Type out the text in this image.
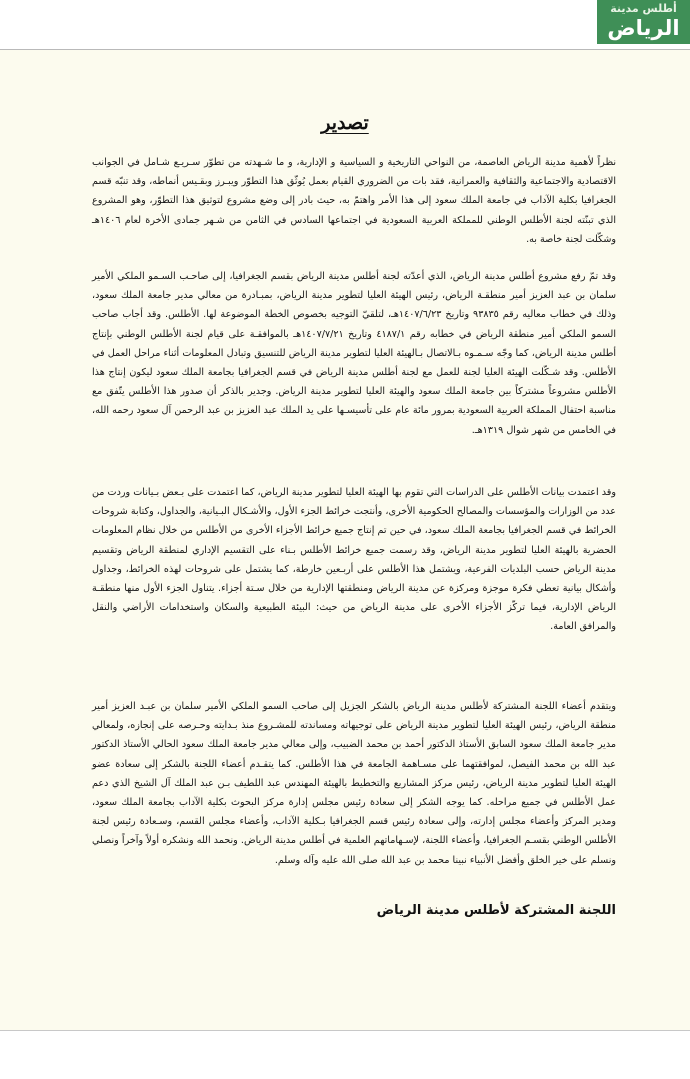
أطلس مدينة
الرياض
تصدير

نظراً لأهمية مدينة الرياض العاصمة، من النواحي التاريخية و السياسية و الإدارية، و ما شـهدته من تطوّر سـريـع شـامل في الجوانب الاقتصادية والاجتماعية والثقافية والعمرانية، فقد بات من الضروري القيام بعمل يُوثّق هذا التطوّر ويبـرز وبقـيس أنماطه، وقد تنبّه قسم الجغرافيا بكلية الآداب في جامعة الملك سعود إلى هذا الأمر واهتمّ به، حيث بادر إلى وضع مشروع لتوثيق هذا التطوّر، وهو المشروع الذي تبنّته لجنة الأطلس الوطني للمملكة العربية السعودية في اجتماعها السادس في الثامن من شـهر جمادى الأخرة لعام ١٤٠٦هـ وشكّلت لجنة خاصة به.

وقد تمّ رفع مشروع أطلس مدينة الرياض، الذي أعدّته لجنة أطلس مدينة الرياض بقسم الجغرافيا، إلى صاحـب السـمو الملكي الأمير سلمان بن عبد العزيز أمير منطقـة الرياض، رئيس الهيئة العليا لتطوير مدينة الرياض، بمبـادرة من معالي مدير جامعة الملك سعود، وذلك في خطاب معاليه رقم ٩٣٨٣٥ وتاريخ ١٤٠٧/٦/٢٣هـ، لتلقيّ التوجيه بخصوص الخطة الموضوعة لها. الأطلس. وقد أجاب صاحب السمو الملكي أمير منطقة الرياض في خطابه رقم ٤١٨٧/١ وتاريخ ١٤٠٧/٧/٢١هـ بالموافقـة على قيام لجنة الأطلس الوطني بإنتاج أطلس مدينة الرياض، كما وجّه سـمـوه بـالاتصال بـالهيئة العليا لتطوير مدينة الرياض للتنسيق وتبادل المعلومات أثناء مراحل العمل في الأطلس. وقد شـكّلت الهيئة العليا لجنة للعمل مع لجنة أطلس مدينة الرياض في قسم الجغرافيا بجامعة الملك سعود ليكون إنتاج هذا الأطلس مشروعاً مشتركاً بين جامعة الملك سعود والهيئة العليا لتطوير مدينة الرياض. وجدير بالذكر أن صدور هذا الأطلس يتّفق مع مناسبة احتفال المملكة العربية السعودية بمرور مائة عام على تأسيسـها على يد الملك عبد العزيز بن عبد الرحمن آل سعود رحمه الله، في الخامس من شهر شوال ١٣١٩هـ.

وقد اعتمدت بيانات الأطلس على الدراسات التي تقوم بها الهيئة العليا لتطوير مدينة الرياض، كما اعتمدت على بـعض بـيانات وردت من عدد من الوزارات والمؤسسات والمصالح الحكومية الأخرى، وأنتجت خرائط الجزء الأول، والأشـكال البـيانية، والجداول، وكتابة شروحات الخرائط في قسم الجغرافيا بجامعة الملك سعود، في حين تم إنتاج جميع خرائط الأجزاء الأخرى من الأطلس من خلال نظام المعلومات الحضرية بالهيئة العليا لتطوير مدينة الرياض، وقد رسمت جميع خرائط الأطلس بـناء على التقسيم الإداري لمنطقة الرياض وتقسيم مدينة الرياض حسب البلديات الفرعية، ويشتمل هذا الأطلس على أربـعين خارطة، كما يشتمل على شروحات لهذه الخرائط، وجداول وأشكال بيانية تعطي فكرة موجزة ومركزة عن مدينة الرياض ومنطقتها الإدارية من خلال سـتة أجزاء. يتناول الجزء الأول منها منطقـة الرياض الإدارية، فيما تركّز الأجزاء الأخرى على مدينة الرياض من حيث: البيئة الطبيعية والسكان واستخدامات الأراضي والنقل والمرافق العامة.

ويتقدم أعضاء اللجنة المشتركة لأطلس مدينة الرياض بالشكر الجزيل إلى صاحب السمو الملكي الأمير سلمان بن عبـد العزيز أمير منطقة الرياض، رئيس الهيئة العليا لتطوير مدينة الرياض على توجيهاته ومساندته للمشـروع منذ بـدايته وحـرصه على إنجازه، ولمعالي مدير جامعة الملك سعود السابق الأستاذ الدكتور أحمد بن محمد الضبيب، وإلى معالي مدير جامعة الملك سعود الحالي الأستاذ الدكتور عبد الله بن محمد الفيصل، لموافقتهما على مسـاهمة الجامعة في هذا الأطلس. كما يتقـدم أعضاء اللجنة بالشكر إلى سعادة عضو الهيئة العليا لتطوير مدينة الرياض، رئيس مركز المشاريع والتخطيط بالهيئة المهندس عبد اللطيف بـن عبد الملك آل الشيخ الذي دعم عمل الأطلس في جميع مراحله. كما يوجه الشكر إلى سعادة رئيس مجلس إدارة مركز البحوث بكلية الآداب بجامعة الملك سعود، ومدير المركز وأعضاء مجلس إدارته، وإلى سعادة رئيس قسم الجغرافيا بـكلية الآداب، وأعضاء مجلس القسم، وسـعادة رئيس لجنة الأطلس الوطني بقسـم الجغرافيا، وأعضاء اللجنة، لإسـهاماتهم العلمية في أطلس مدينة الرياض. ونحمد الله ونشكره أولاً وآخراً ونصلي ونسلم على خير الخلق وأفضل الأنبياء نبينا محمد بن عبد الله صلى الله عليه وآله وسلم.

اللجنة المشتركة لأطلس مدينة الرياض
